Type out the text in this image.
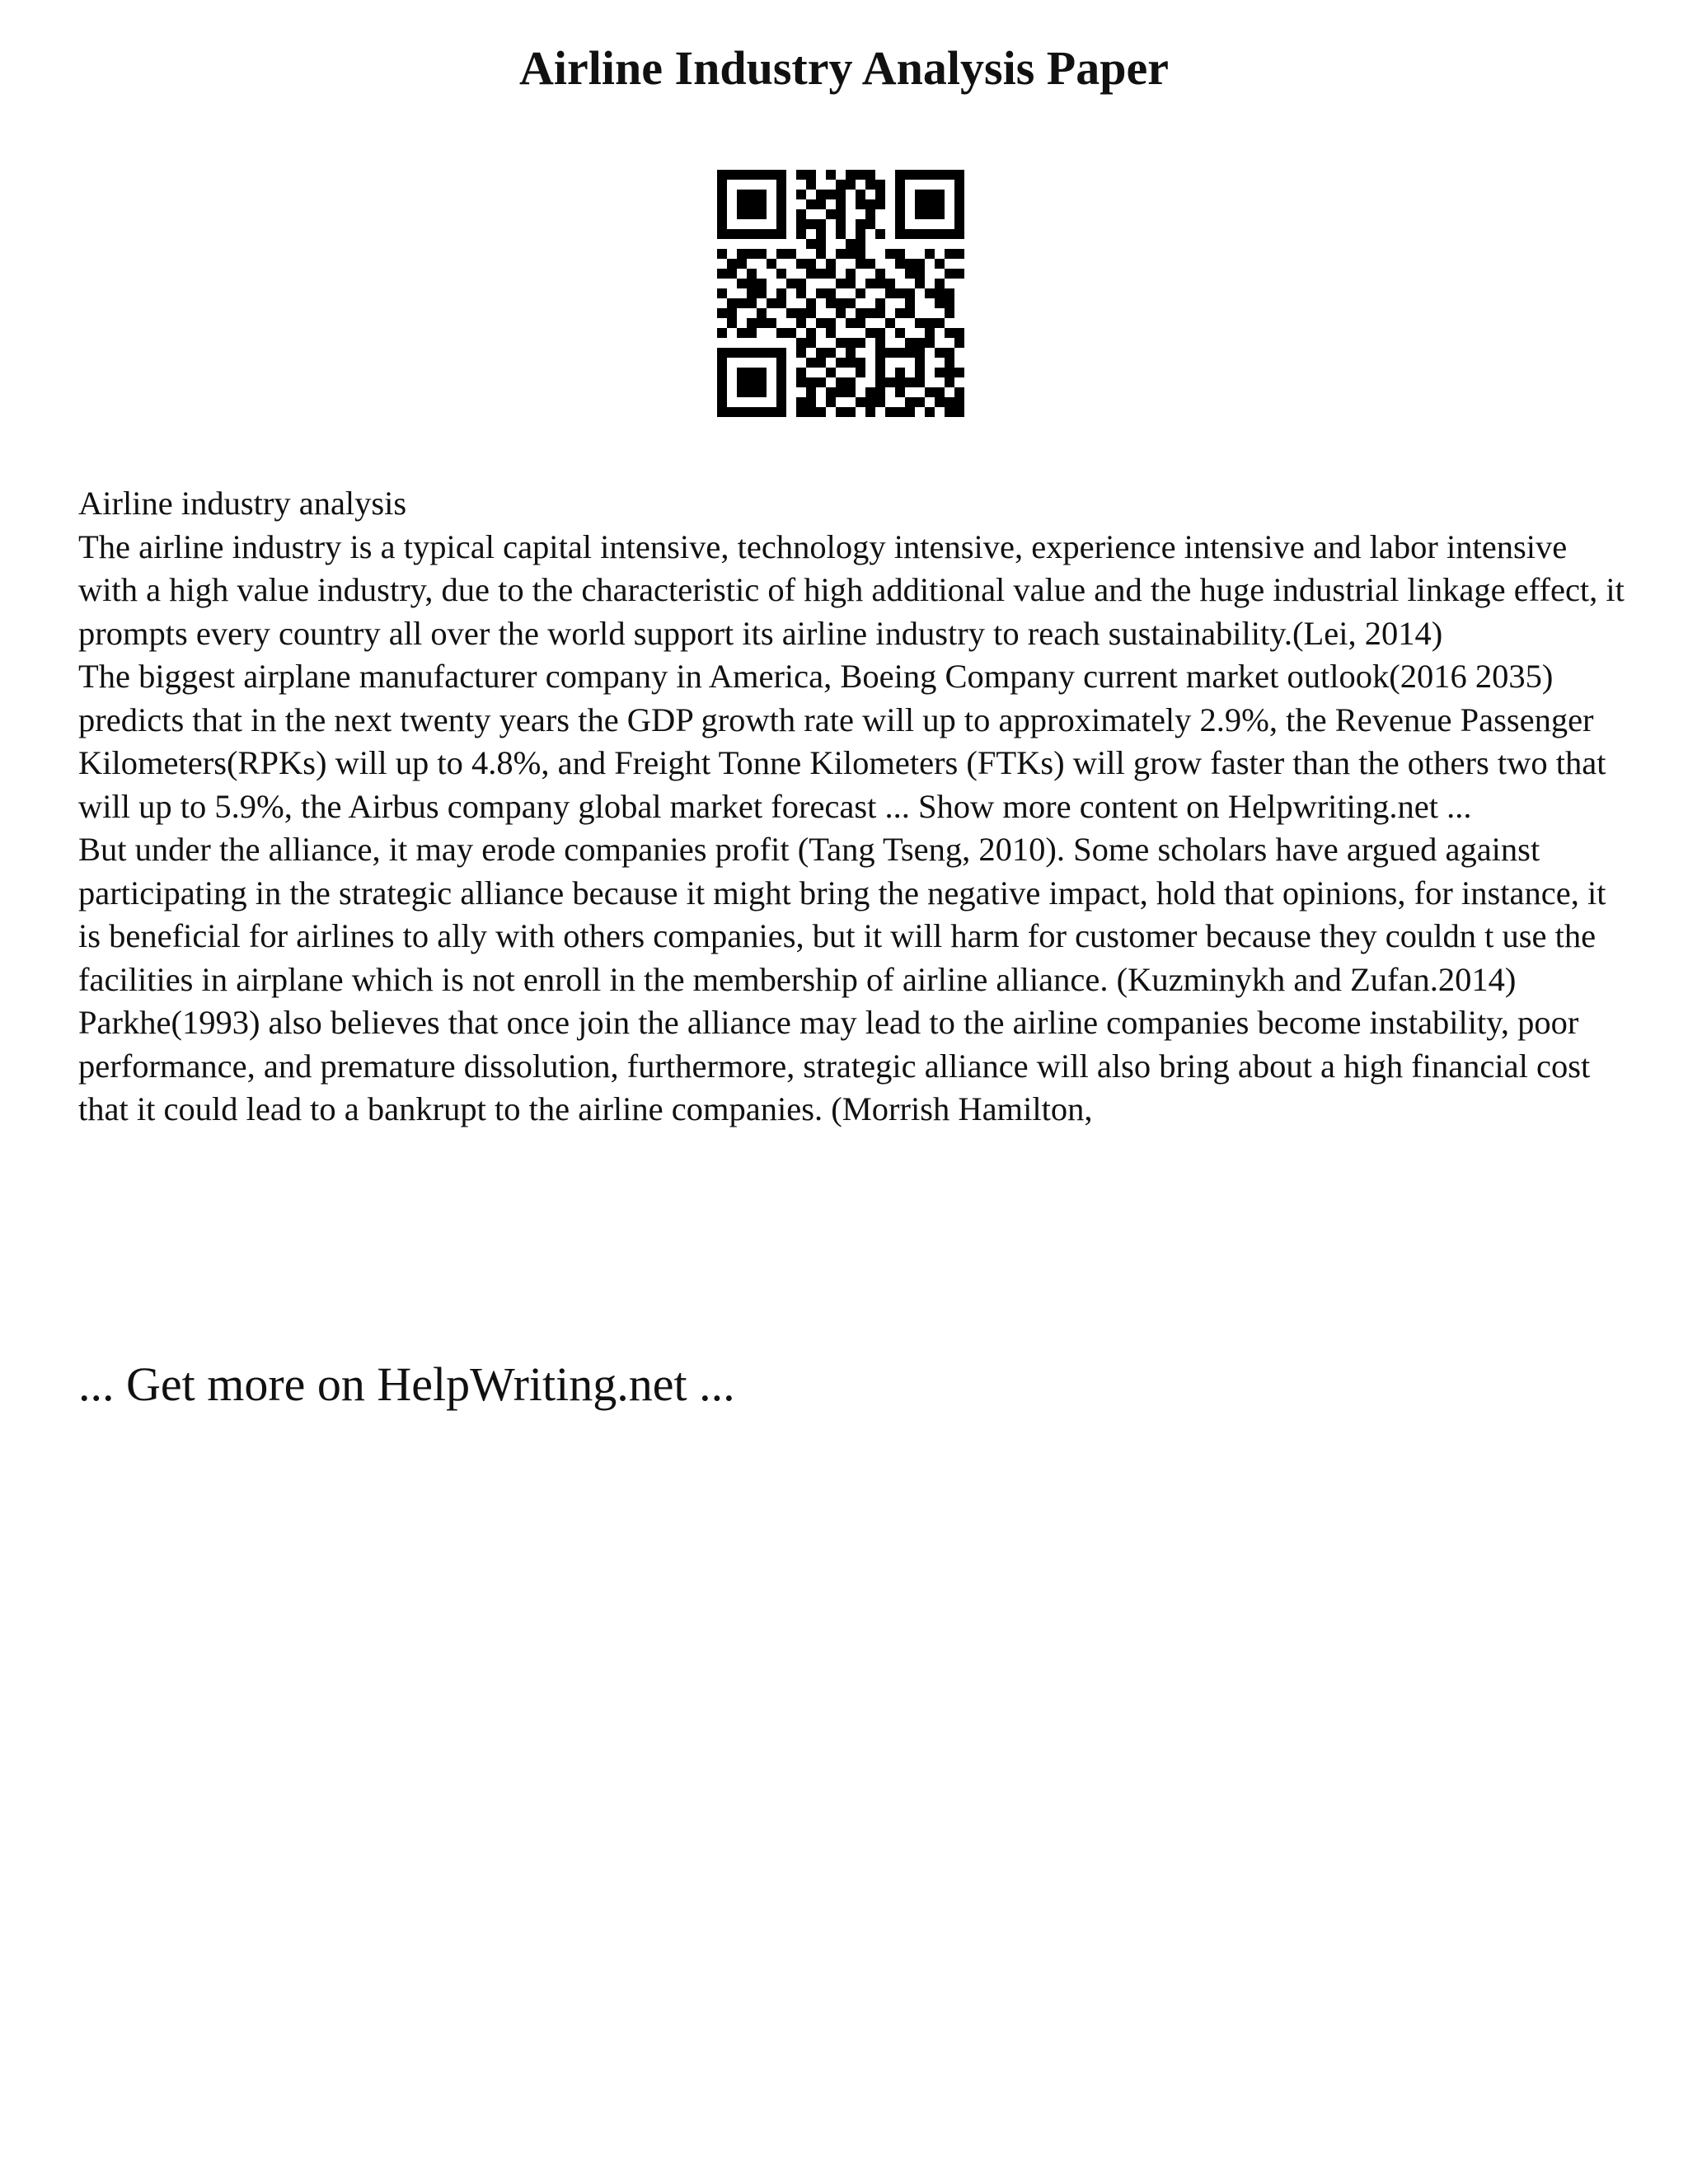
Airline Industry Analysis Paper

Airline industry analysis

The airline industry is a typical capital intensive, technology intensive, experience intensive and labor intensive with a high value industry, due to the characteristic of high additional value and the huge industrial linkage effect, it prompts every country all over the world support its airline industry to reach sustainability.(Lei, 2014)

The biggest airplane manufacturer company in America, Boeing Company current market outlook(2016 2035) predicts that in the next twenty years the GDP growth rate will up to approximately 2.9%, the Revenue Passenger Kilometers(RPKs) will up to 4.8%, and Freight Tonne Kilometers (FTKs) will grow faster than the others two that will up to 5.9%, the Airbus company global market forecast ... Show more content on Helpwriting.net ...

But under the alliance, it may erode companies profit (Tang Tseng, 2010). Some scholars have argued against participating in the strategic alliance because it might bring the negative impact, hold that opinions, for instance, it is beneficial for airlines to ally with others companies, but it will harm for customer because they couldn t use the facilities in airplane which is not enroll in the membership of airline alliance. (Kuzminykh and Zufan.2014)

Parkhe(1993) also believes that once join the alliance may lead to the airline companies become instability, poor performance, and premature dissolution, furthermore, strategic alliance will also bring about a high financial cost that it could lead to a bankrupt to the airline companies. (Morrish Hamilton,

... Get more on HelpWriting.net ...
